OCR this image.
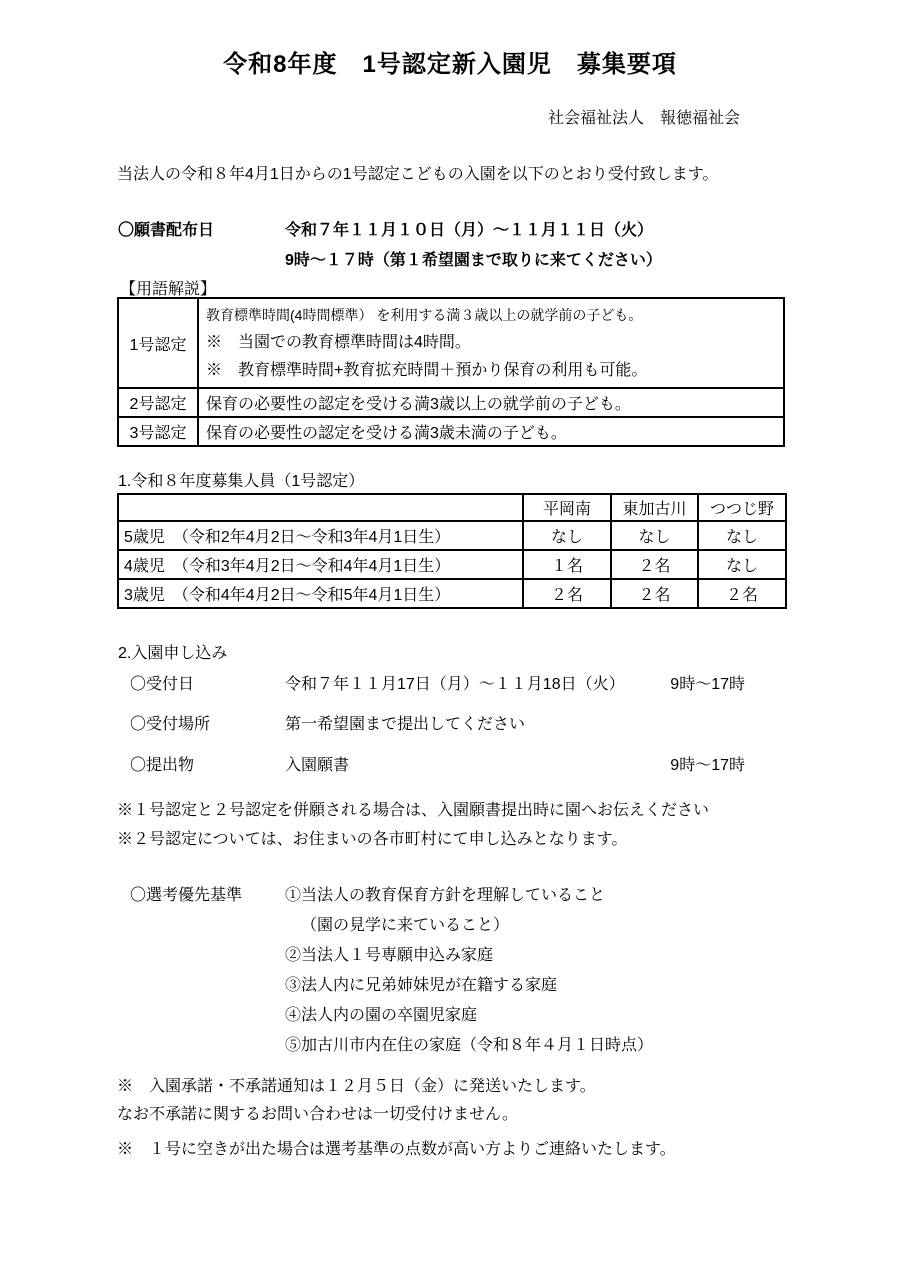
令和8年度　1号認定新入園児　募集要項
社会福祉法人　報徳福祉会
当法人の令和８年4月1日からの1号認定こどもの入園を以下のとおり受付致します。
〇願書配布日	令和７年１１月１０日（月）～１１月１１日（火）
9時～１７時（第１希望園まで取りに来てください）
【用語解説】
1号認定	教育標準時間(4時間標準） を利用する満３歳以上の就学前の子ども。
※　当園での教育標準時間は4時間。
※　教育標準時間+教育拡充時間＋預かり保育の利用も可能。

2号認定	保育の必要性の認定を受ける満3歳以上の就学前の子ども。
3号認定	保育の必要性の認定を受ける満3歳未満の子ども。
1.令和８年度募集人員（1号認定）
	平岡南	東加古川	つつじ野
5歳児　（令和2年4月2日～令和3年4月1日生）	なし	なし	なし
4歳児　（令和3年4月2日～令和4年4月1日生）	１名	２名	なし
3歳児　（令和4年4月2日～令和5年4月1日生）	２名	２名	２名
2.入園申し込み
〇受付日	令和７年１１月17日（月）～１１月18日（火）	9時～17時
〇受付場所	第一希望園まで提出してください
〇提出物	入園願書	9時～17時
※１号認定と２号認定を併願される場合は、入園願書提出時に園へお伝えください
※２号認定については、お住まいの各市町村にて申し込みとなります。
〇選考優先基準	①当法人の教育保育方針を理解していること
（園の見学に来ていること）
②当法人１号専願申込み家庭
③法人内に兄弟姉妹児が在籍する家庭
④法人内の園の卒園児家庭
⑤加古川市内在住の家庭（令和８年４月１日時点）
※　入園承諾・不承諾通知は１２月５日（金）に発送いたします。
なお不承諾に関するお問い合わせは一切受付けません。
※　１号に空きが出た場合は選考基準の点数が高い方よりご連絡いたします。
